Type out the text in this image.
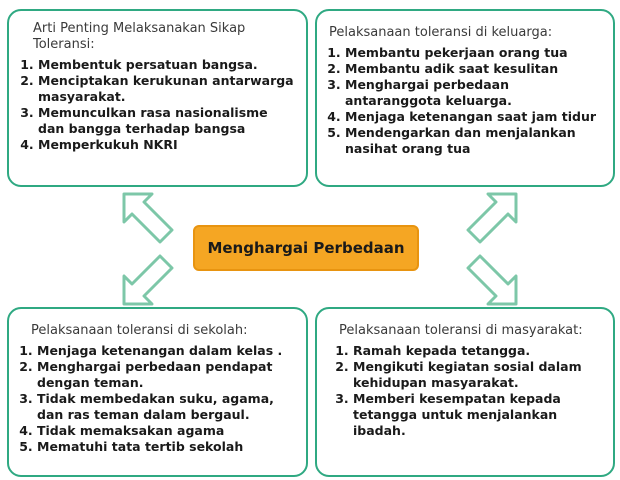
Arti Penting Melaksanakan Sikap Toleransi:
1. Membentuk persatuan bangsa.
2. Menciptakan kerukunan antarwarga masyarakat.
3. Memunculkan rasa nasionalisme dan bangga terhadap bangsa
4. Memperkukuh NKRI
Pelaksanaan toleransi di keluarga:
1. Membantu pekerjaan orang tua
2. Membantu adik saat kesulitan
3. Menghargai perbedaan antaranggota keluarga.
4. Menjaga ketenangan saat jam tidur
5. Mendengarkan dan menjalankan nasihat orang tua
Pelaksanaan toleransi di sekolah:
1. Menjaga ketenangan dalam kelas .
2. Menghargai perbedaan pendapat dengan teman.
3. Tidak membedakan suku, agama, dan ras teman dalam bergaul.
4. Tidak memaksakan agama
5. Mematuhi tata tertib sekolah
Pelaksanaan toleransi di masyarakat:
1. Ramah kepada tetangga.
2. Mengikuti kegiatan sosial dalam kehidupan masyarakat.
3. Memberi kesempatan kepada tetangga untuk menjalankan ibadah.
Menghargai Perbedaan
